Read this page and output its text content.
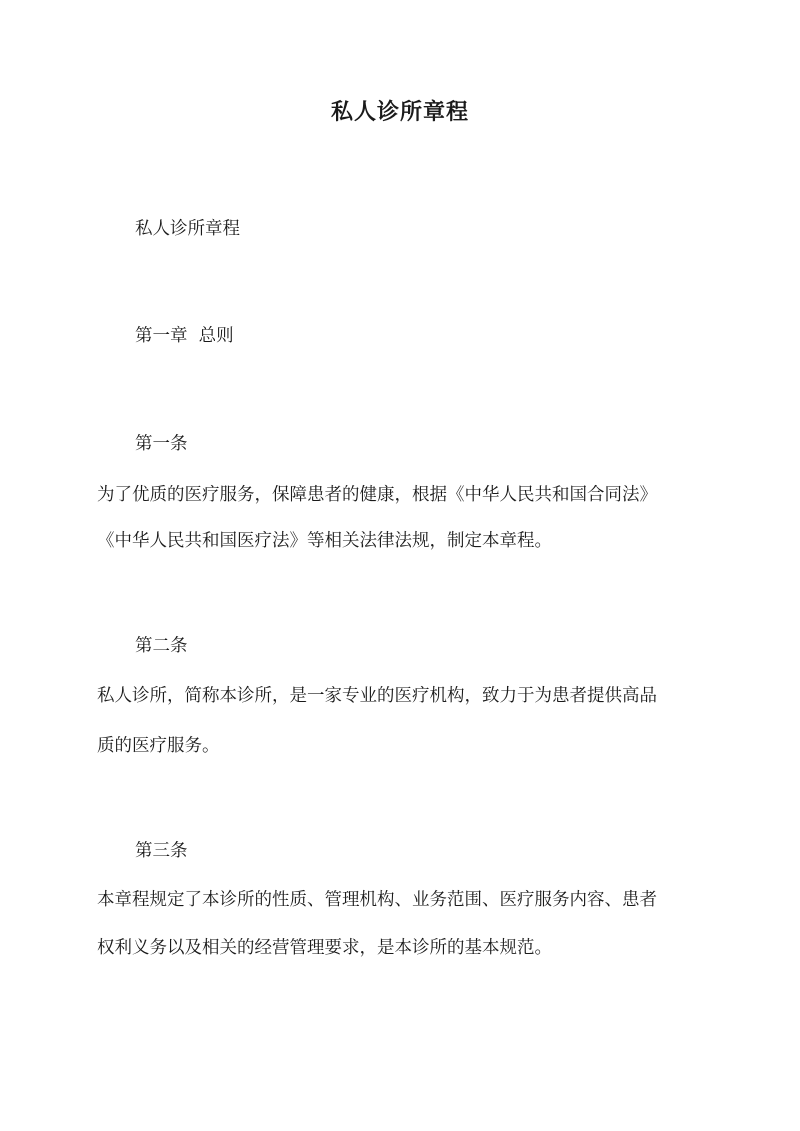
私人诊所章程
私人诊所章程
第一章  总则
第一条
为了优质的医疗服务，保障患者的健康，根据《中华人民共和国合同法》
《中华人民共和国医疗法》等相关法律法规，制定本章程。
第二条
私人诊所，简称本诊所，是一家专业的医疗机构，致力于为患者提供高品
质的医疗服务。
第三条
本章程规定了本诊所的性质、管理机构、业务范围、医疗服务内容、患者
权利义务以及相关的经营管理要求，是本诊所的基本规范。
